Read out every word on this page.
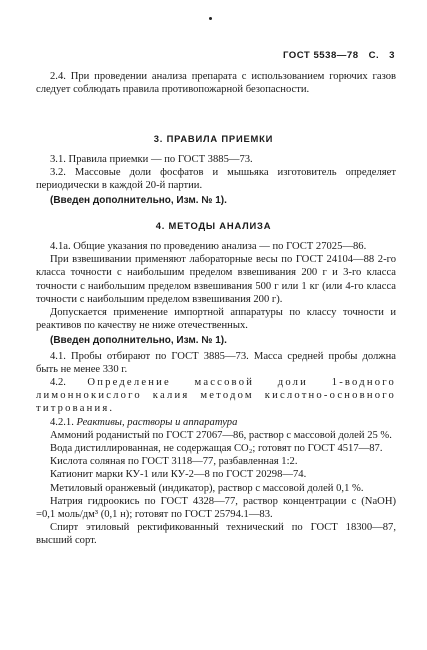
ГОСТ 5538—78 С. 3

2.4. При проведении анализа препарата с использованием горючих газов следует соблюдать правила противопожарной безопасности.

3. ПРАВИЛА ПРИЕМКИ

3.1. Правила приемки — по ГОСТ 3885—73.

3.2. Массовые доли фосфатов и мышьяка изготовитель определяет периодически в каждой 20-й партии.

(Введен дополнительно, Изм. № 1).

4. МЕТОДЫ АНАЛИЗА

4.1а. Общие указания по проведению анализа — по ГОСТ 27025—86.

При взвешивании применяют лабораторные весы по ГОСТ 24104—88 2-го класса точности с наибольшим пределом взвешивания 200 г и 3-го класса точности с наибольшим пределом взвешивания 500 г или 1 кг (или 4-го класса точности с наибольшим пределом взвешивания 200 г).

Допускается применение импортной аппаратуры по классу точности и реактивов по качеству не ниже отечественных.

(Введен дополнительно, Изм. № 1).

4.1. Пробы отбирают по ГОСТ 3885—73. Масса средней пробы должна быть не менее 330 г.

4.2. Определение массовой доли 1-водного лимоннокислого калия методом кислотно-основного титрования.

4.2.1. Реактивы, растворы и аппаратура

Аммоний роданистый по ГОСТ 27067—86, раствор с массовой долей 25 %.

Вода дистиллированная, не содержащая CO₂; готовят по ГОСТ 4517—87.

Кислота соляная по ГОСТ 3118—77, разбавленная 1:2.

Катионит марки КУ-1 или КУ-2—8 по ГОСТ 20298—74.

Метиловый оранжевый (индикатор), раствор с массовой долей 0,1 %.

Натрия гидроокись по ГОСТ 4328—77, раствор концентрации с (NaOH) =0,1 моль/дм³ (0,1 н); готовят по ГОСТ 25794.1—83.

Спирт этиловый ректификованный технический по ГОСТ 18300—87, высший сорт.
